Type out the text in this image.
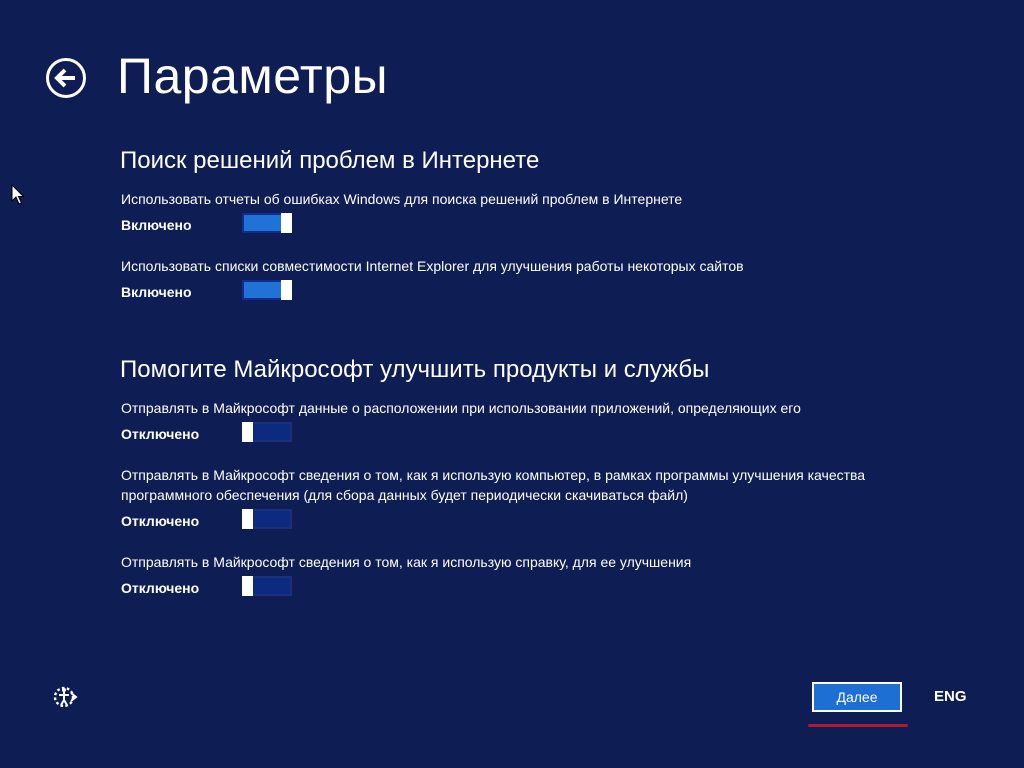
Параметры
Поиск решений проблем в Интернете
Использовать отчеты об ошибках Windows для поиска решений проблем в Интернете
Включено
Использовать списки совместимости Internet Explorer для улучшения работы некоторых сайтов
Включено
Помогите Майкрософт улучшить продукты и службы
Отправлять в Майкрософт данные о расположении при использовании приложений, определяющих его
Отключено
Отправлять в Майкрософт сведения о том, как я использую компьютер, в рамках программы улучшения качества программного обеспечения (для сбора данных будет периодически скачиваться файл)
Отключено
Отправлять в Майкрософт сведения о том, как я использую справку, для ее улучшения
Отключено
Далее	ENG
